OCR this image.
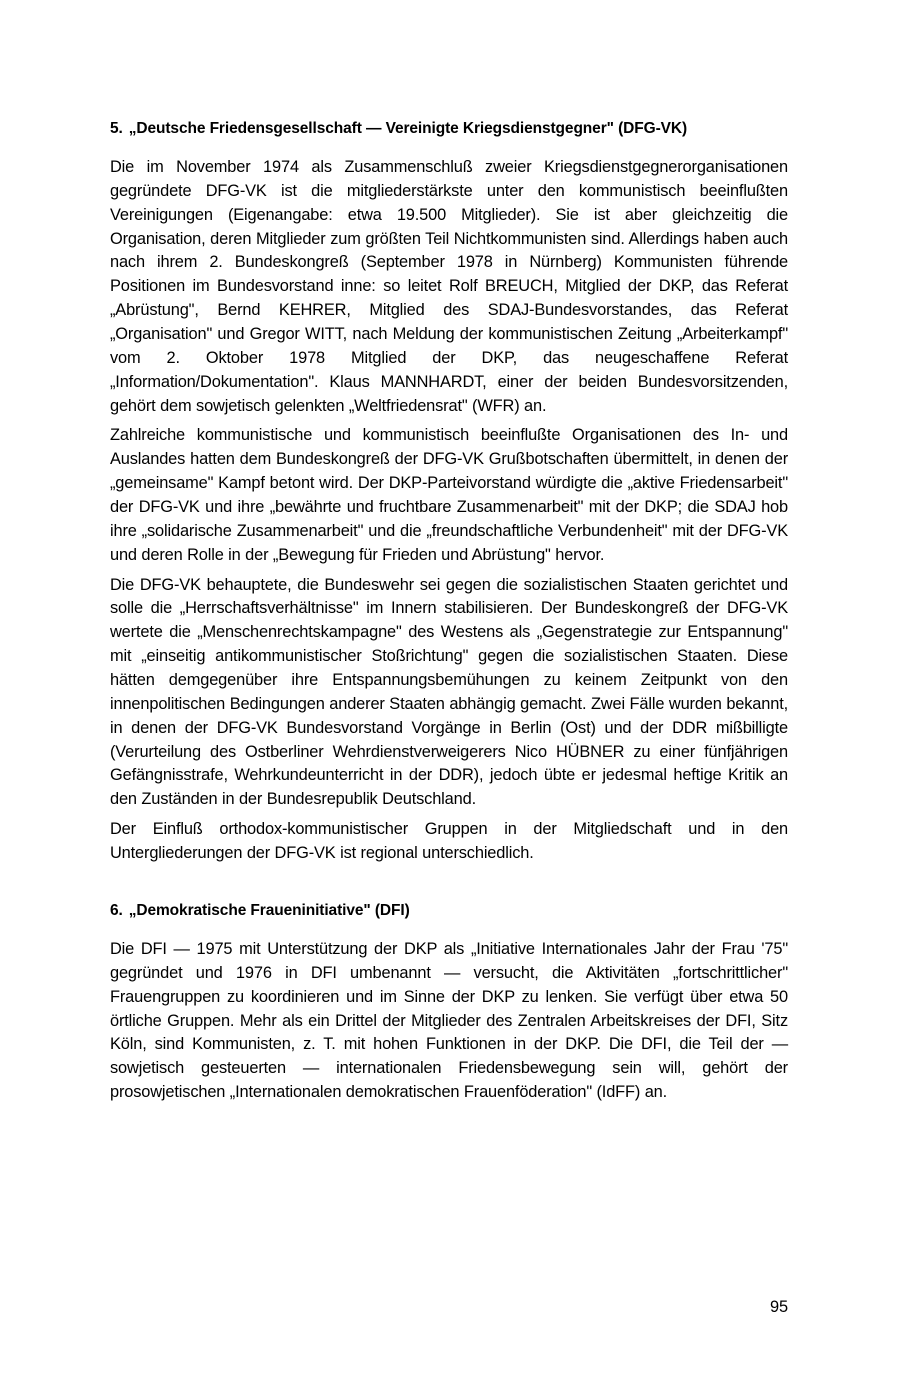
5. „Deutsche Friedensgesellschaft — Vereinigte Kriegsdienstgegner" (DFG-VK)

Die im November 1974 als Zusammenschluß zweier Kriegsdienstgegnerorganisationen gegründete DFG-VK ist die mitgliederstärkste unter den kommunistisch beeinflußten Vereinigungen (Eigenangabe: etwa 19.500 Mitglieder). Sie ist aber gleichzeitig die Organisation, deren Mitglieder zum größten Teil Nichtkommunisten sind. Allerdings haben auch nach ihrem 2. Bundeskongreß (September 1978 in Nürnberg) Kommunisten führende Positionen im Bundesvorstand inne: so leitet Rolf BREUCH, Mitglied der DKP, das Referat „Abrüstung", Bernd KEHRER, Mitglied des SDAJ-Bundesvorstandes, das Referat „Organisation" und Gregor WITT, nach Meldung der kommunistischen Zeitung „Arbeiterkampf" vom 2. Oktober 1978 Mitglied der DKP, das neugeschaffene Referat „Information/Dokumentation". Klaus MANNHARDT, einer der beiden Bundesvorsitzenden, gehört dem sowjetisch gelenkten „Weltfriedensrat" (WFR) an.

Zahlreiche kommunistische und kommunistisch beeinflußte Organisationen des In- und Auslandes hatten dem Bundeskongreß der DFG-VK Grußbotschaften übermittelt, in denen der „gemeinsame" Kampf betont wird. Der DKP-Parteivorstand würdigte die „aktive Friedensarbeit" der DFG-VK und ihre „bewährte und fruchtbare Zusammenarbeit" mit der DKP; die SDAJ hob ihre „solidarische Zusammenarbeit" und die „freundschaftliche Verbundenheit" mit der DFG-VK und deren Rolle in der „Bewegung für Frieden und Abrüstung" hervor.

Die DFG-VK behauptete, die Bundeswehr sei gegen die sozialistischen Staaten gerichtet und solle die „Herrschaftsverhältnisse" im Innern stabilisieren. Der Bundeskongreß der DFG-VK wertete die „Menschenrechtskampagne" des Westens als „Gegenstrategie zur Entspannung" mit „einseitig antikommunistischer Stoßrichtung" gegen die sozialistischen Staaten. Diese hätten demgegenüber ihre Entspannungsbemühungen zu keinem Zeitpunkt von den innenpolitischen Bedingungen anderer Staaten abhängig gemacht. Zwei Fälle wurden bekannt, in denen der DFG-VK Bundesvorstand Vorgänge in Berlin (Ost) und der DDR mißbilligte (Verurteilung des Ostberliner Wehrdienstverweigerers Nico HÜBNER zu einer fünfjährigen Gefängnisstrafe, Wehrkundeunterricht in der DDR), jedoch übte er jedesmal heftige Kritik an den Zuständen in der Bundesrepublik Deutschland.

Der Einfluß orthodox-kommunistischer Gruppen in der Mitgliedschaft und in den Untergliederungen der DFG-VK ist regional unterschiedlich.

6. „Demokratische Fraueninitiative" (DFI)

Die DFI — 1975 mit Unterstützung der DKP als „Initiative Internationales Jahr der Frau '75" gegründet und 1976 in DFI umbenannt — versucht, die Aktivitäten „fortschrittlicher" Frauengruppen zu koordinieren und im Sinne der DKP zu lenken. Sie verfügt über etwa 50 örtliche Gruppen. Mehr als ein Drittel der Mitglieder des Zentralen Arbeitskreises der DFI, Sitz Köln, sind Kommunisten, z. T. mit hohen Funktionen in der DKP. Die DFI, die Teil der — sowjetisch gesteuerten — internationalen Friedensbewegung sein will, gehört der prosowjetischen „Internationalen demokratischen Frauenföderation" (IdFF) an.

95
